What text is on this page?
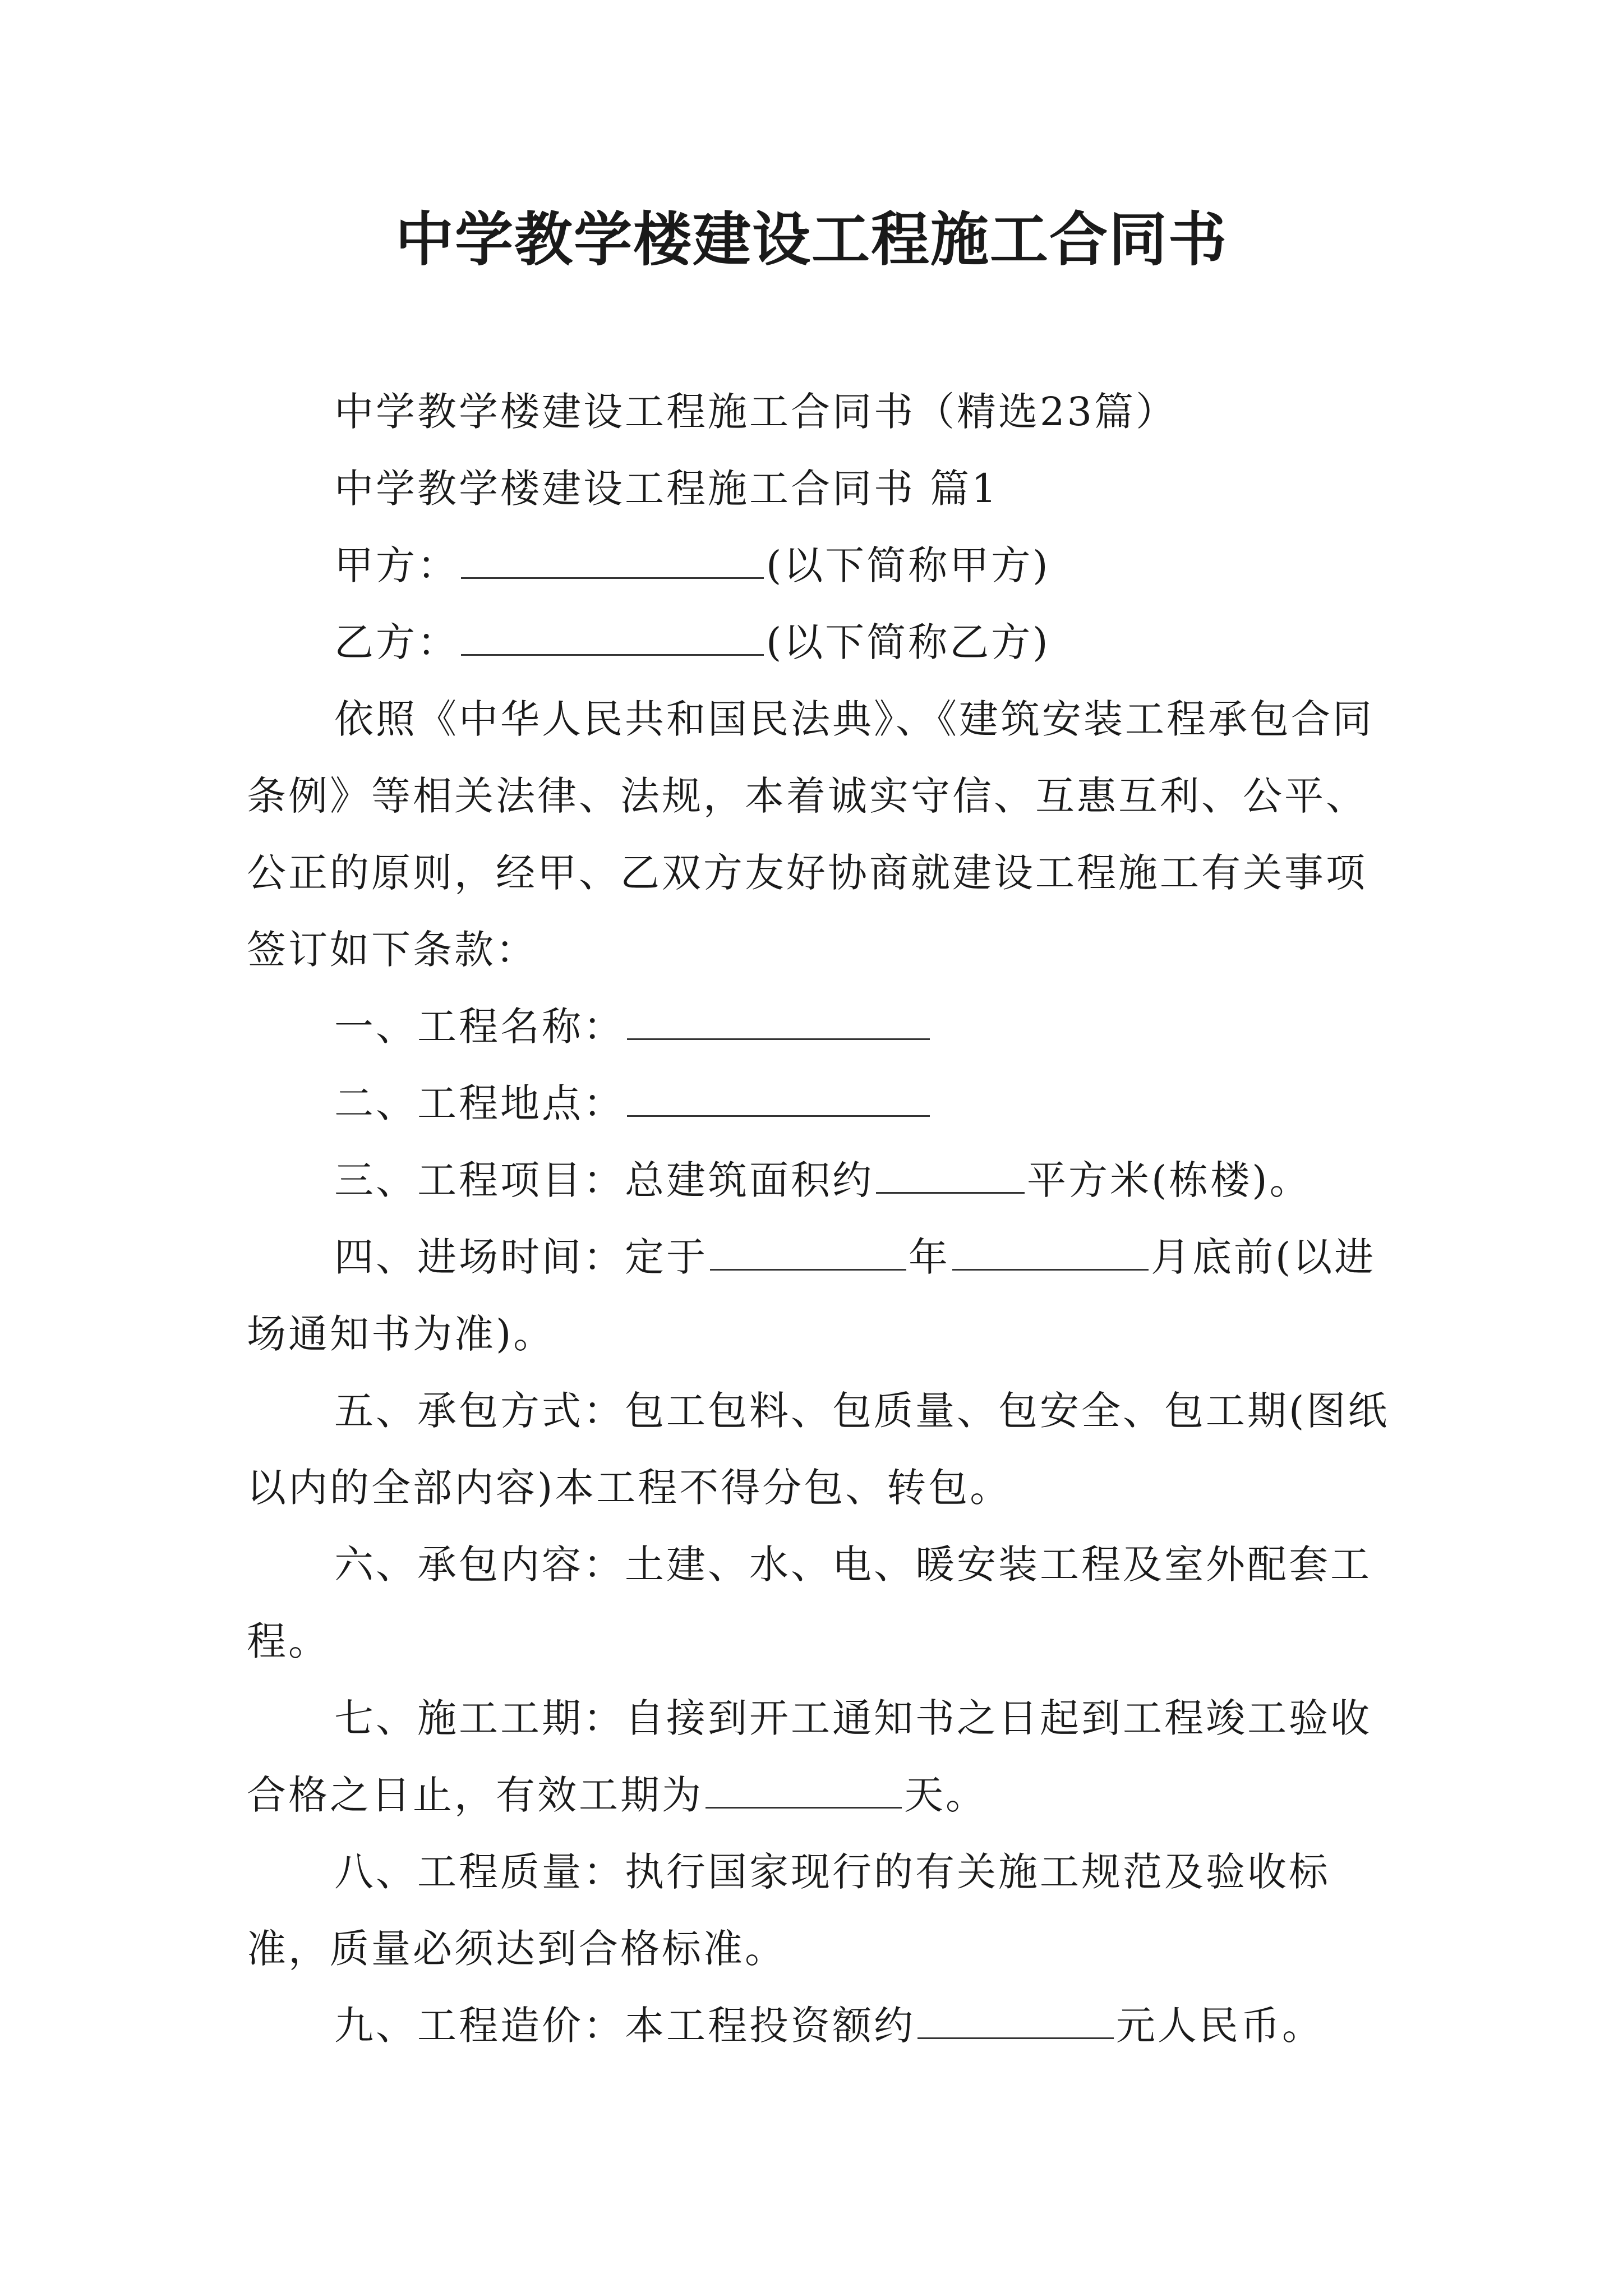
中学教学楼建设工程施工合同书

中学教学楼建设工程施工合同书（精选23篇）

中学教学楼建设工程施工合同书 篇1

甲方：	(以下简称甲方)

乙方：	(以下简称乙方)

依照《中华人民共和国民法典》、《建筑安装工程承包合同条例》等相关法律、法规，本着诚实守信、互惠互利、公平、公正的原则，经甲、乙双方友好协商就建设工程施工有关事项签订如下条款：

一、工程名称：

二、工程地点：

三、工程项目：总建筑面积约	平方米(栋楼)。

四、进场时间：定于	年	月底前(以进场通知书为准)。

五、承包方式：包工包料、包质量、包安全、包工期(图纸以内的全部内容)本工程不得分包、转包。

六、承包内容：土建、水、电、暖安装工程及室外配套工程。

七、施工工期：自接到开工通知书之日起到工程竣工验收合格之日止，有效工期为	天。

八、工程质量：执行国家现行的有关施工规范及验收标准，质量必须达到合格标准。

九、工程造价：本工程投资额约	元人民币。
